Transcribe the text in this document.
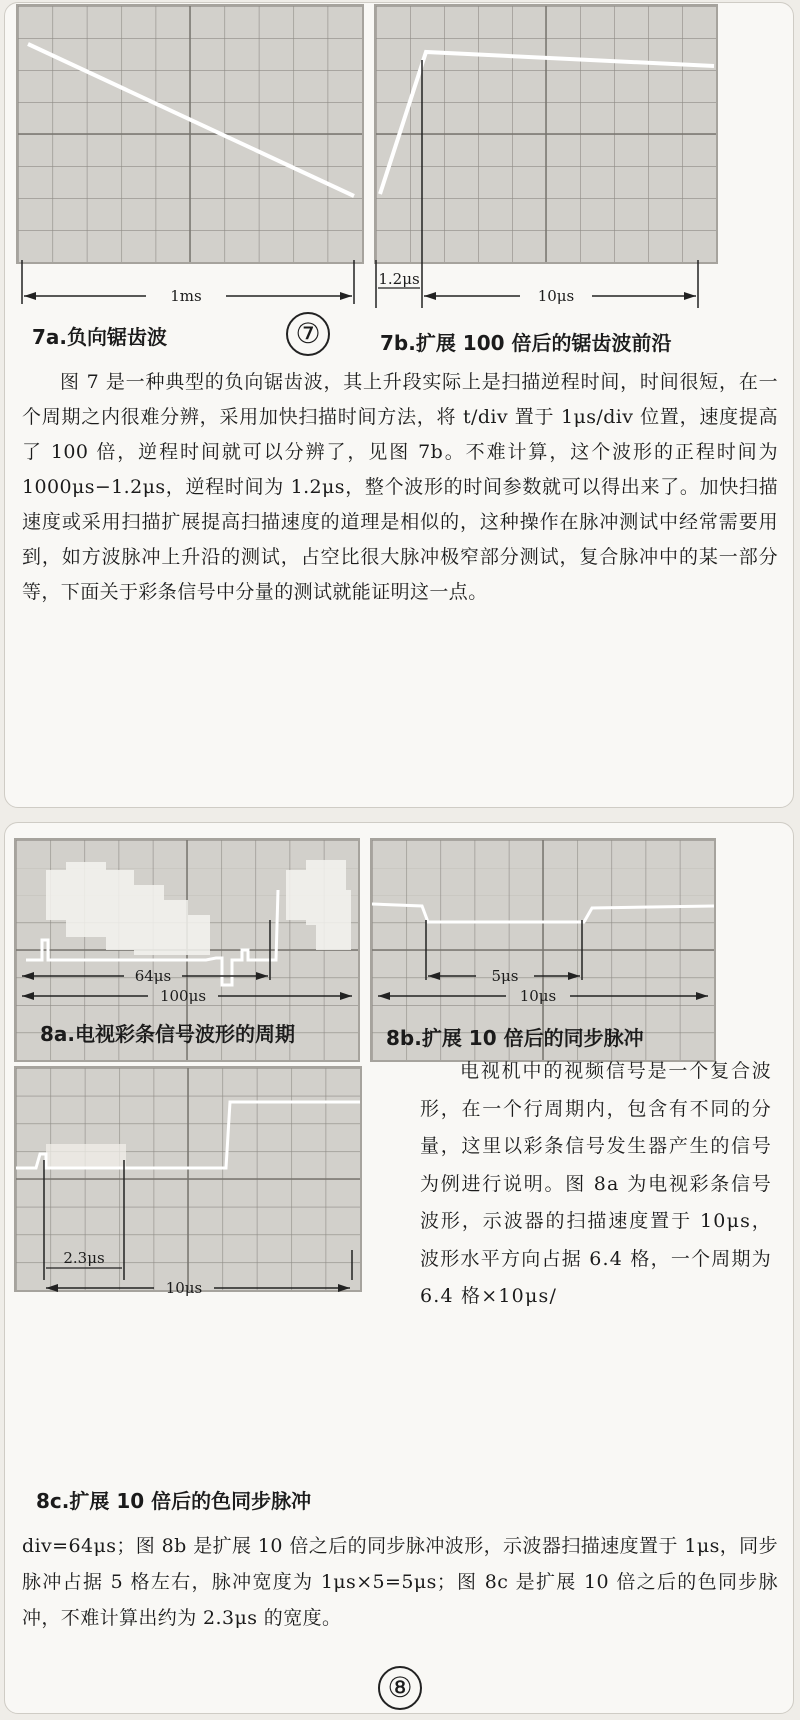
1ms
7a.负向锯齿波	⑦
1.2μs
10μs
7b.扩展 100 倍后的锯齿波前沿
图 7 是一种典型的负向锯齿波，其上升段实际上是扫描逆程时间，时间很短，在一个周期之内很难分辨，采用加快扫描时间方法，将 t/div 置于 1μs/div 位置，速度提高了 100 倍，逆程时间就可以分辨了，见图 7b。不难计算，这个波形的正程时间为 1000μs−1.2μs，逆程时间为 1.2μs，整个波形的时间参数就可以得出来了。加快扫描速度或采用扫描扩展提高扫描速度的道理是相似的，这种操作在脉冲测试中经常需要用到，如方波脉冲上升沿的测试，占空比很大脉冲极窄部分测试，复合脉冲中的某一部分等，下面关于彩条信号中分量的测试就能证明这一点。
64μs
100μs
8a.电视彩条信号波形的周期
5μs
10μs
8b.扩展 10 倍后的同步脉冲
2.3μs
10μs
8c.扩展 10 倍后的色同步脉冲
电视机中的视频信号是一个复合波形，在一个行周期内，包含有不同的分量，这里以彩条信号发生器产生的信号为例进行说明。图 8a 为电视彩条信号波形，示波器的扫描速度置于 10μs，波形水平方向占据 6.4 格，一个周期为 6.4 格×10μs/
div=64μs；图 8b 是扩展 10 倍之后的同步脉冲波形，示波器扫描速度置于 1μs，同步脉冲占据 5 格左右，脉冲宽度为 1μs×5=5μs；图 8c 是扩展 10 倍之后的色同步脉冲，不难计算出约为 2.3μs 的宽度。
⑧
